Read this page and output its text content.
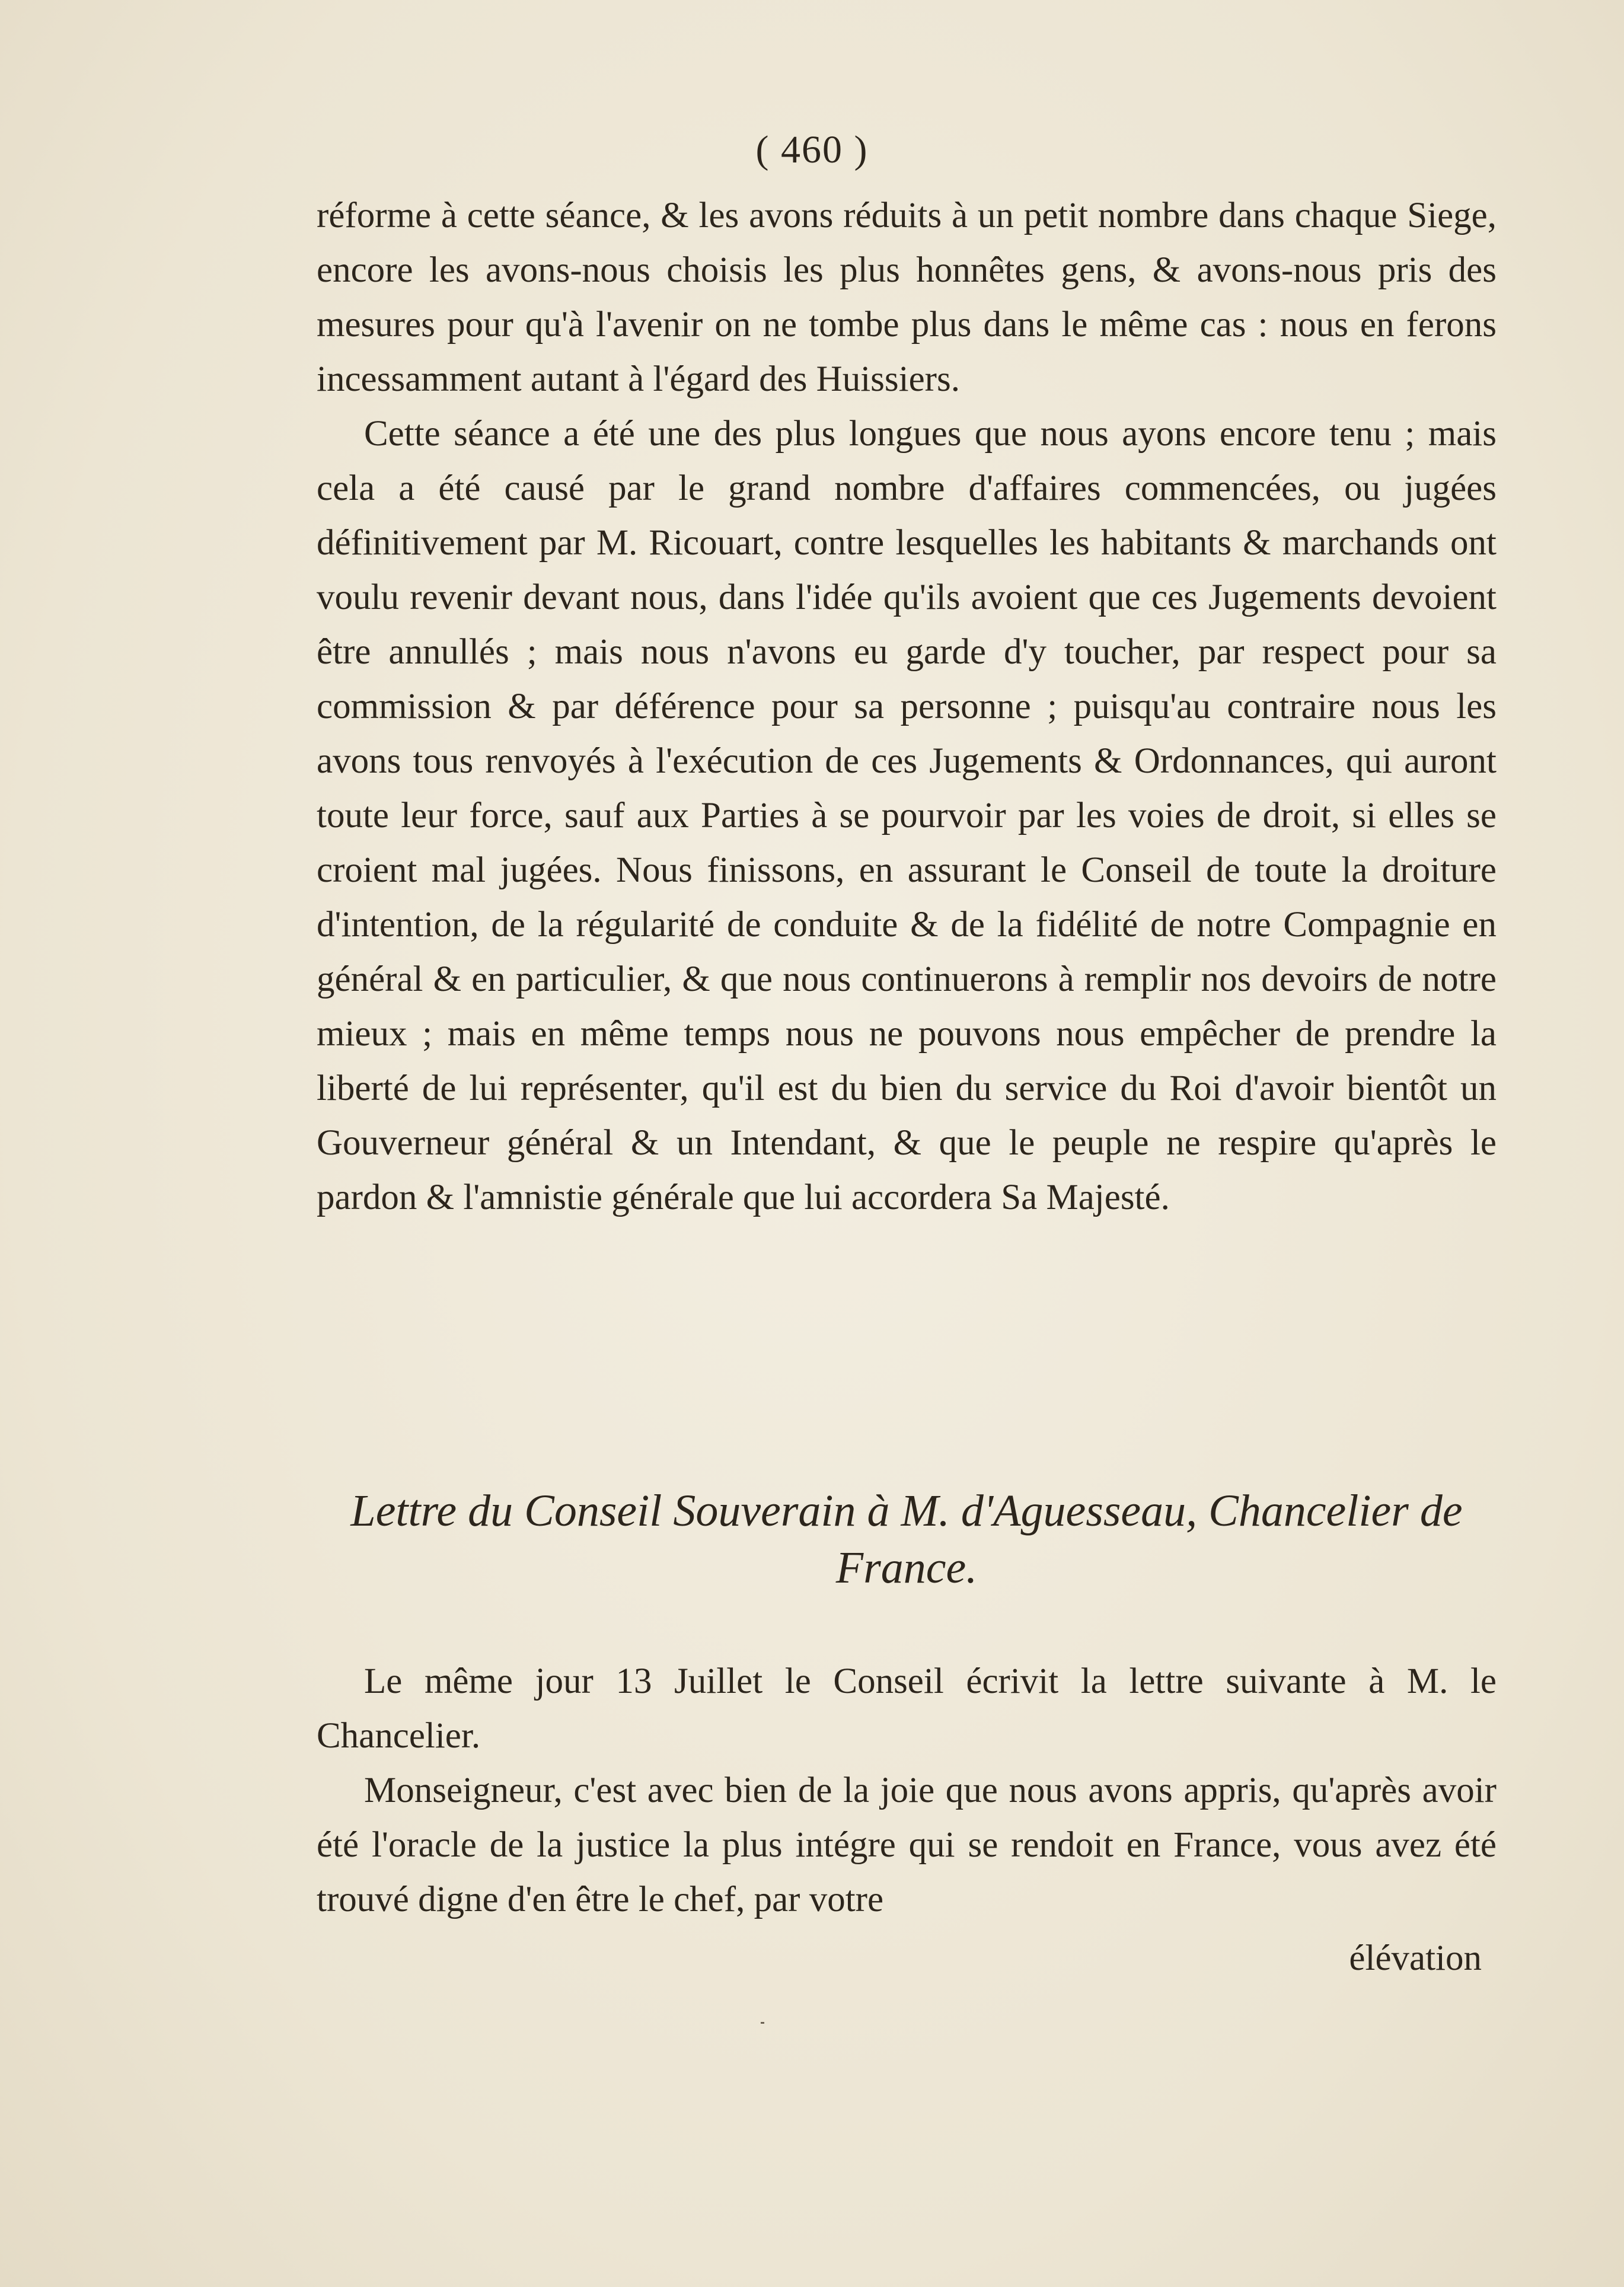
( 460 )

réforme à cette séance, & les avons réduits à un petit nombre dans chaque Siege, encore les avons-nous choisis les plus honnêtes gens, & avons-nous pris des mesures pour qu'à l'avenir on ne tombe plus dans le même cas : nous en ferons incessamment autant à l'égard des Huissiers.

Cette séance a été une des plus longues que nous ayons encore tenu ; mais cela a été causé par le grand nombre d'affaires commencées, ou jugées définitivement par M. Ricouart, contre lesquelles les habitants & marchands ont voulu revenir devant nous, dans l'idée qu'ils avoient que ces Jugements devoient être annullés ; mais nous n'avons eu garde d'y toucher, par respect pour sa commission & par déférence pour sa personne ; puisqu'au contraire nous les avons tous renvoyés à l'exécution de ces Jugements & Ordonnances, qui auront toute leur force, sauf aux Parties à se pourvoir par les voies de droit, si elles se croient mal jugées. Nous finissons, en assurant le Conseil de toute la droiture d'intention, de la régularité de conduite & de la fidélité de notre Compagnie en général & en particulier, & que nous continuerons à remplir nos devoirs de notre mieux ; mais en même temps nous ne pouvons nous empêcher de prendre la liberté de lui représenter, qu'il est du bien du service du Roi d'avoir bientôt un Gouverneur général & un Intendant, & que le peuple ne respire qu'après le pardon & l'amnistie générale que lui accordera Sa Majesté.

Lettre du Conseil Souverain à M. d'Aguesseau, Chancelier de France.

Le même jour 13 Juillet le Conseil écrivit la lettre suivante à M. le Chancelier.

Monseigneur, c'est avec bien de la joie que nous avons appris, qu'après avoir été l'oracle de la justice la plus intégre qui se rendoit en France, vous avez été trouvé digne d'en être le chef, par votre

élévation
